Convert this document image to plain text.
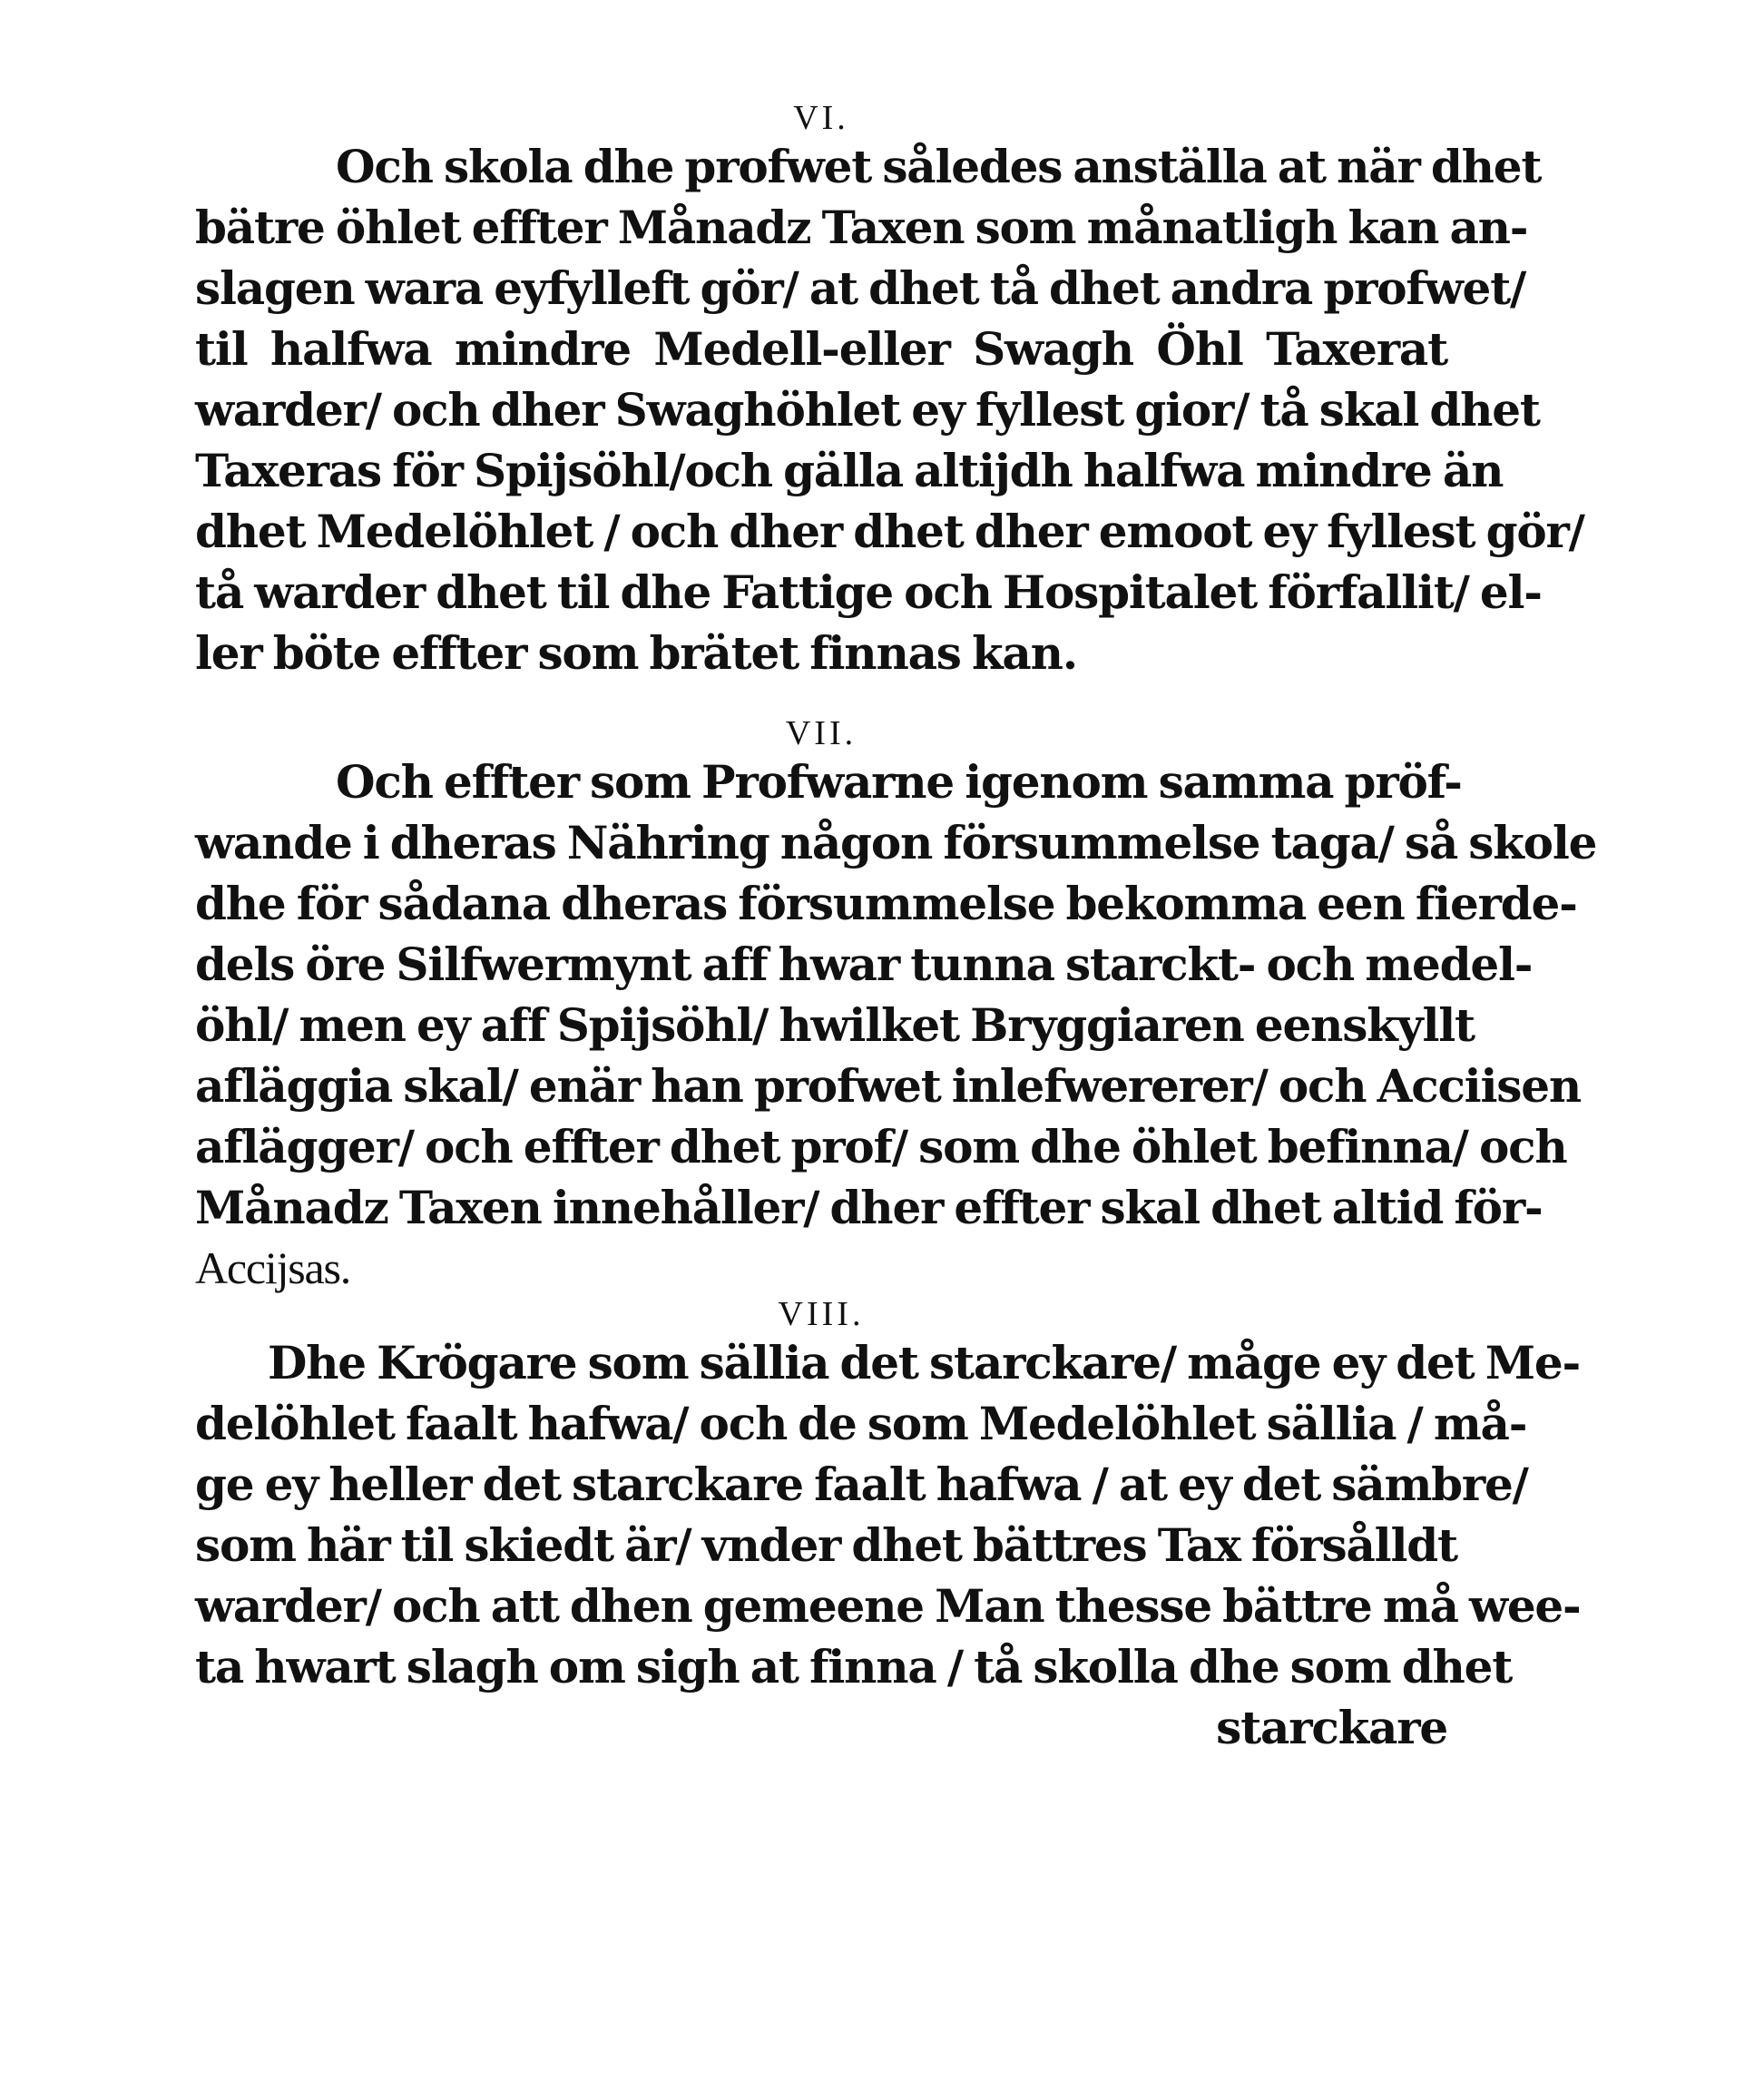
VI.
Och skola dhe profwet således anställa at när dhet
bätre öhlet effter Månadz Taxen som månatligh kan an-
slagen wara eyfylleft gör/ at dhet tå dhet andra profwet/
til halfwa mindre Medell-eller Swagh Öhl Taxerat
warder/ och dher Swaghöhlet ey fyllest gior/ tå skal dhet
Taxeras för Spijsöhl/och gälla altijdh halfwa mindre än
dhet Medelöhlet / och dher dhet dher emoot ey fyllest gör/
tå warder dhet til dhe Fattige och Hospitalet förfallit/ el-
ler böte effter som brätet finnas kan.
VII.
Och effter som Profwarne igenom samma pröf-
wande i dheras Nähring någon försummelse taga/ så skole
dhe för sådana dheras försummelse bekomma een fierde-
dels öre Silfwermynt aff hwar tunna starckt- och medel-
öhl/ men ey aff Spijsöhl/ hwilket Bryggiaren eenskyllt
afläggia skal/ enär han profwet inlefwererer/ och Acciisen
aflägger/ och effter dhet prof/ som dhe öhlet befinna/ och
Månadz Taxen innehåller/ dher effter skal dhet altid för-
Accijsas.
VIII.
Dhe Krögare som sällia det starckare/ måge ey det Me-
delöhlet faalt hafwa/ och de som Medelöhlet sällia / må-
ge ey heller det starckare faalt hafwa / at ey det sämbre/
som här til skiedt är/ vnder dhet bättres Tax försålldt
warder/ och att dhen gemeene Man thesse bättre må wee-
ta hwart slagh om sigh at finna / tå skolla dhe som dhet
starckare
